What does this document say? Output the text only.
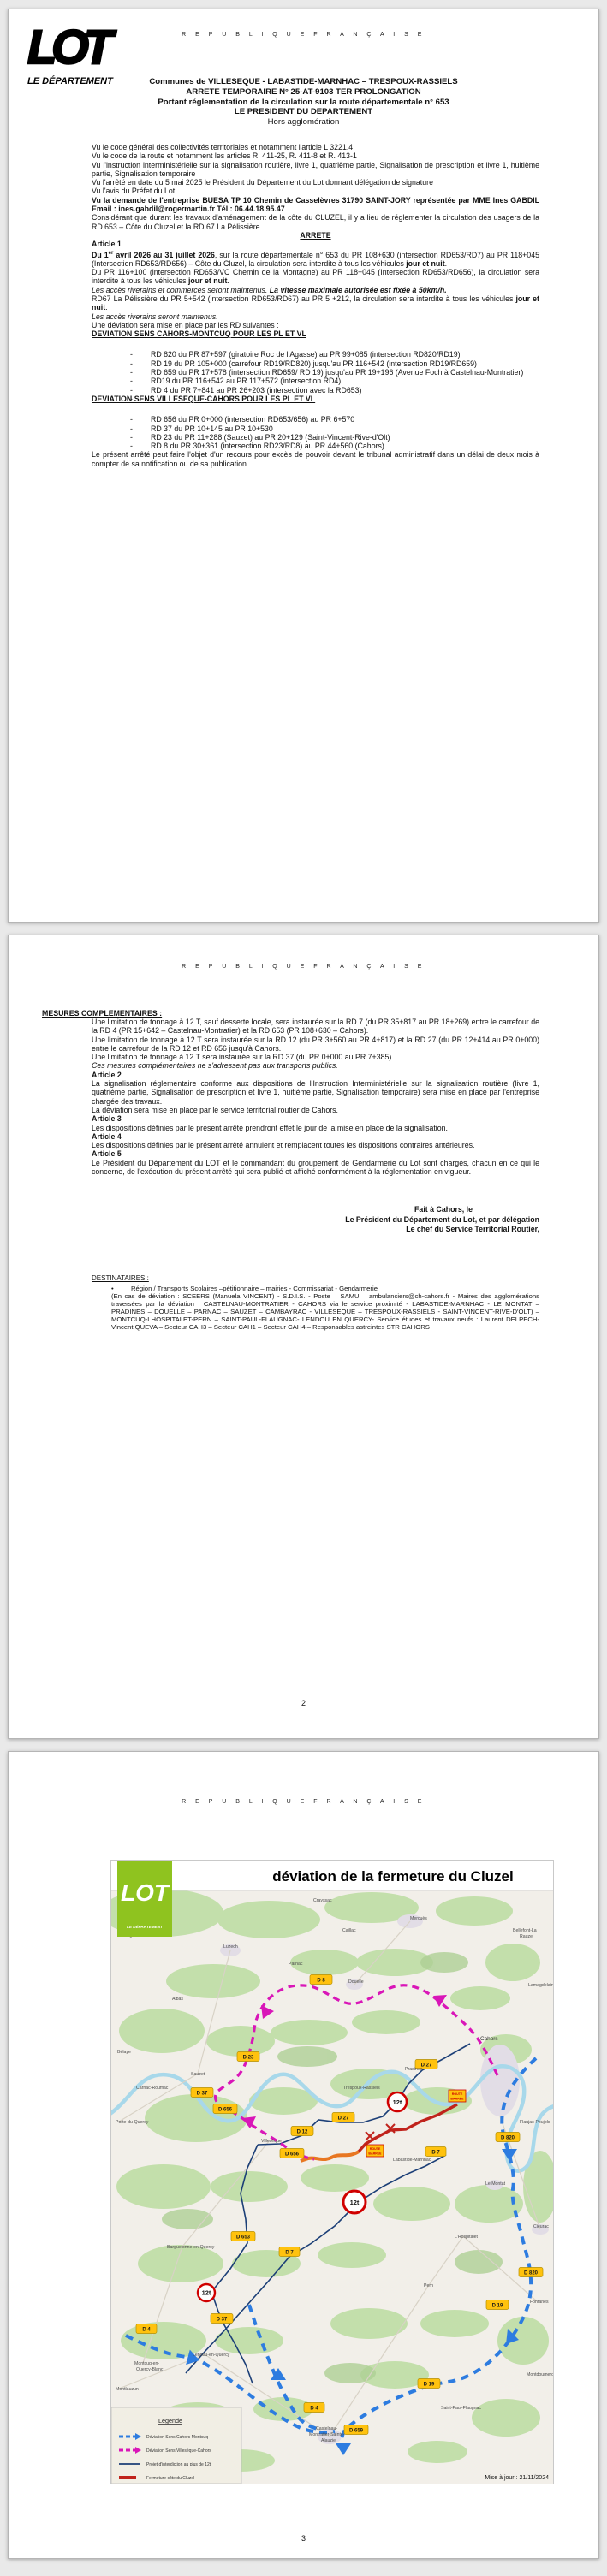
R E P U B L I Q U E F R A N Ç A I S E
LOT
LE DÉPARTEMENT	Communes de VILLESEQUE - LABASTIDE-MARNHAC – TRESPOUX-RASSIELS
ARRETE TEMPORAIRE N° 25-AT-9103 TER PROLONGATION
Portant réglementation de la circulation sur la route départementale n° 653
LE PRESIDENT DU DEPARTEMENT
Hors agglomération

Vu le code général des collectivités territoriales et notamment l'article L 3221.4

Vu le code de la route et notamment les articles R. 411-25, R. 411-8 et R. 413-1

Vu l'instruction interministérielle sur la signalisation routière, livre 1, quatrième partie, Signalisation de prescription et livre 1, huitième partie, Signalisation temporaire

Vu l'arrêté en date du 5 mai 2025 le Président du Département du Lot donnant délégation de signature

Vu l'avis du Préfet du Lot

Vu la demande de l'entreprise BUESA TP 10 Chemin de Casselèvres 31790 SAINT-JORY représentée par MME Ines GABDIL Email : ines.gabdil@rogermartin.fr Tél : 06.44.18.95.47

Considérant que durant les travaux d'aménagement de la côte du CLUZEL, il y a lieu de réglementer la circulation des usagers de la RD 653 – Côte du Cluzel et la RD 67 La Pélissière.

ARRETE

Article 1

Du 1er avril 2026 au 31 juillet 2026, sur la route départementale n° 653 du PR 108+630 (intersection RD653/RD7) au PR 118+045 (Intersection RD653/RD656) – Côte du Cluzel, la circulation sera interdite à tous les véhicules jour et nuit.

Du PR 116+100 (intersection RD653/VC Chemin de la Montagne) au PR 118+045 (Intersection RD653/RD656), la circulation sera interdite à tous les véhicules jour et nuit.

Les accès riverains et commerces seront maintenus. La vitesse maximale autorisée est fixée à 50km/h.

RD67 La Pélissière du PR 5+542 (intersection RD653/RD67) au PR 5 +212, la circulation sera interdite à tous les véhicules jour et nuit.

Les accès riverains seront maintenus.

Une déviation sera mise en place par les RD suivantes :

DEVIATION SENS CAHORS-MONTCUQ POUR LES PL ET VL

- RD 820 du PR 87+597 (giratoire Roc de l'Agasse) au PR 99+085 (intersection RD820/RD19)

- RD 19 du PR 105+000 (carrefour RD19/RD820) jusqu'au PR 116+542 (intersection RD19/RD659)

- RD 659 du PR 17+578 (intersection RD659/ RD 19) jusqu'au PR 19+196 (Avenue Foch à Castelnau-Montratier)

- RD19 du PR 116+542 au PR 117+572 (intersection RD4)

- RD 4 du PR 7+841 au PR 26+203 (intersection avec la RD653)

DEVIATION SENS VILLESEQUE-CAHORS POUR LES PL ET VL

- RD 656 du PR 0+000 (intersection RD653/656) au PR 6+570

- RD 37 du PR 10+145 au PR 10+530

- RD 23 du PR 11+288 (Sauzet) au PR 20+129 (Saint-Vincent-Rive-d'Olt)

- RD 8 du PR 30+361 (intersection RD23/RD8) au PR 44+560 (Cahors).

Le présent arrêté peut faire l'objet d'un recours pour excès de pouvoir devant le tribunal administratif dans un délai de deux mois à compter de sa notification ou de sa publication.

R E P U B L I Q U E F R A N Ç A I S E
MESURES COMPLEMENTAIRES :

Une limitation de tonnage à 12 T, sauf desserte locale, sera instaurée sur la RD 7 (du PR 35+817 au PR 18+269) entre le carrefour de la RD 4 (PR 15+642 – Castelnau-Montratier) et la RD 653 (PR 108+630 – Cahors).

Une limitation de tonnage à 12 T sera instaurée sur la RD 12 (du PR 3+560 au PR 4+817) et la RD 27 (du PR 12+414 au PR 0+000) entre le carrefour de la RD 12 et RD 656 jusqu'à Cahors.

Une limitation de tonnage à 12 T sera instaurée sur la RD 37 (du PR 0+000 au PR 7+385)

Ces mesures complémentaires ne s'adressent pas aux transports publics.

Article 2

La signalisation réglementaire conforme aux dispositions de l'Instruction Interministérielle sur la signalisation routière (livre 1, quatrième partie, Signalisation de prescription et livre 1, huitième partie, Signalisation temporaire) sera mise en place par l'entreprise chargée des travaux.

La déviation sera mise en place par le service territorial routier de Cahors.

Article 3

Les dispositions définies par le présent arrêté prendront effet le jour de la mise en place de la signalisation.

Article 4

Les dispositions définies par le présent arrêté annulent et remplacent toutes les dispositions contraires antérieures.

Article 5

Le Président du Département du LOT et le commandant du groupement de Gendarmerie du Lot sont chargés, chacun en ce qui le concerne, de l'exécution du présent arrêté qui sera publié et affiché conformément à la réglementation en vigueur.

Fait à Cahors, le
Le Président du Département du Lot, et par délégation
Le chef du Service Territorial Routier,
DESTINATAIRES :
• Région / Transports Scolaires –pétitionnaire – mairies - Commissariat - Gendarmerie
(En cas de déviation : SCEERS (Manuela VINCENT) - S.D.I.S. - Poste – SAMU – ambulanciers@ch-cahors.fr - Maires des agglomérations traversées par la déviation : CASTELNAU-MONTRATIER - CAHORS via le service proximité - LABASTIDE-MARNHAC - LE MONTAT – PRADINES – DOUELLE – PARNAC – SAUZET – CAMBAYRAC - VILLESEQUE – TRESPOUX-RASSIELS - SAINT-VINCENT-RIVE-D'OLT) – MONTCUQ-LHOSPITALET-PERN – SAINT-PAUL-FLAUGNAC- LENDOU EN QUERCY- Service études et travaux neufs : Laurent DELPECH-Vincent QUEVA – Secteur CAH3 – Secteur CAH1 – Secteur CAH4 – Responsables astreintes STR CAHORS
2
R E P U B L I Q U E F R A N Ç A I S E
D 8
D 23
D 37
D 656
D 12
D 656
D 27
D 27
D 7
D 820
D 820
D 653
D 37
D 4
D 19
D 19
D 659
D 4
D 7
12t
12t
12t
ROUTE
BARRÉE
ROUTE
BARRÉE
Crayssac
Caillac
Mercuès
Bellefont-La
Rauze
Lamagdelaine
Luzech
Parnac
Douelle
Albas
Bélaye
Pradines
Cahors
Flaujac-Poujols
Trespoux-Rassiels
Villesèque
Labastide-Marnhac
Barguelonne-en-Quercy
Montcuq-en-
Quercy-Blanc
Le Montat
Cieurac
L'Hospitalet
Pern
Fontanes
Lendou-en-Quercy
Montlauzun
Castelnau-
Montratier-Sainte-
Alauzie
Saint-Paul-Flaugnac
Montdoumerc
Porte-du-Quercy
Sauzet
Carnac-Rouffiac
déviation de la fermeture du Cluzel
LOT
LE DÉPARTEMENT
Légende
Déviation Sens Cahors-Montcuq
Déviation Sens Villesèque-Cahors
Projet d'interdiction au plus de 12t
Fermeture côte du Cluzel	Mise à jour : 21/11/2024
3
